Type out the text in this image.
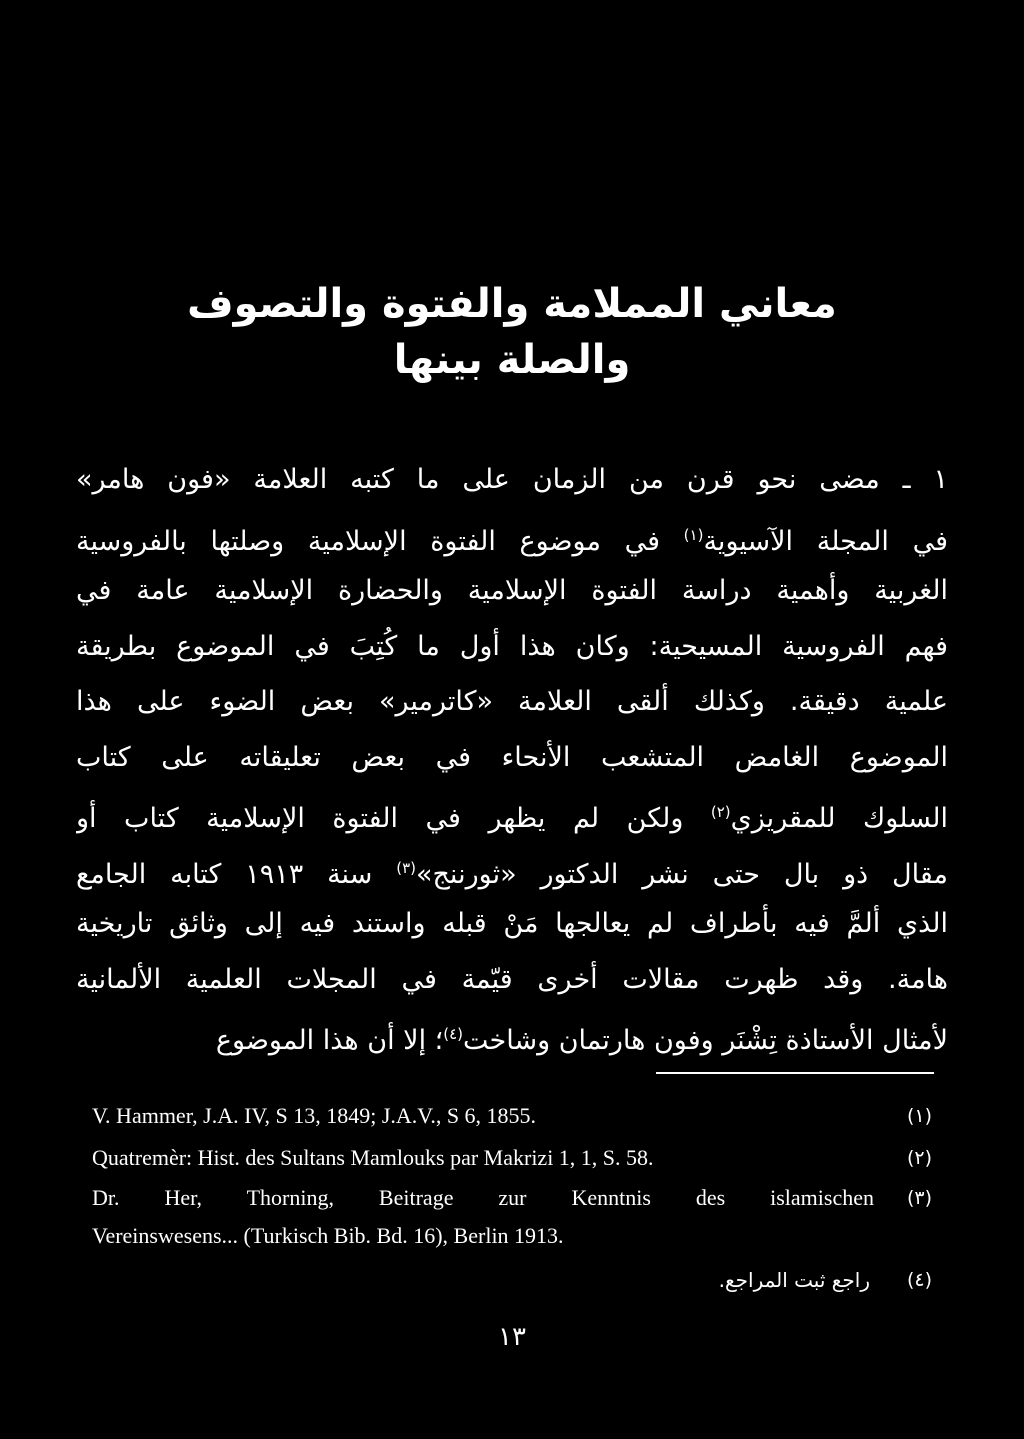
معاني المملامة والفتوة والتصوف
والصلة بينها
١ ـ مضى نحو قرن من الزمان على ما كتبه العلامة «فون هامر»
في المجلة الآسيوية$^{(١)}$ في موضوع الفتوة الإسلامية وصلتها بالفروسية
الغربية وأهمية دراسة الفتوة الإسلامية والحضارة الإسلامية عامة في
فهم الفروسية المسيحية: وكان هذا أول ما كُتِبَ في الموضوع بطريقة
علمية دقيقة. وكذلك ألقى العلامة «كاترمير» بعض الضوء على هذا
الموضوع الغامض المتشعب الأنحاء في بعض تعليقاته على كتاب
السلوك للمقريزي$^{(٢)}$ ولكن لم يظهر في الفتوة الإسلامية كتاب أو
مقال ذو بال حتى نشر الدكتور «ثورننج»$^{(٣)}$ سنة ١٩١٣ كتابه الجامع
الذي ألمَّ فيه بأطراف لم يعالجها مَنْ قبله واستند فيه إلى وثائق تاريخية
هامة. وقد ظهرت مقالات أخرى قيّمة في المجلات العلمية الألمانية
لأمثال الأستاذة تِشْنَر وفون هارتمان وشاخت$^{(٤)}$؛ إلا أن هذا الموضوع
V. Hammer, J.A. IV, S 13, 1849; J.A.V., S 6, 1855.	(١)
Quatremèr: Hist. des Sultans Mamlouks par Makrizi 1, 1, S. 58.	(٢)
Dr. Her, Thorning, Beitrage zur Kenntnis des islamischen (٣)
Vereinswesens... (Turkisch Bib. Bd. 16), Berlin 1913.
راجع ثبت المراجع. (٤)
١٣
